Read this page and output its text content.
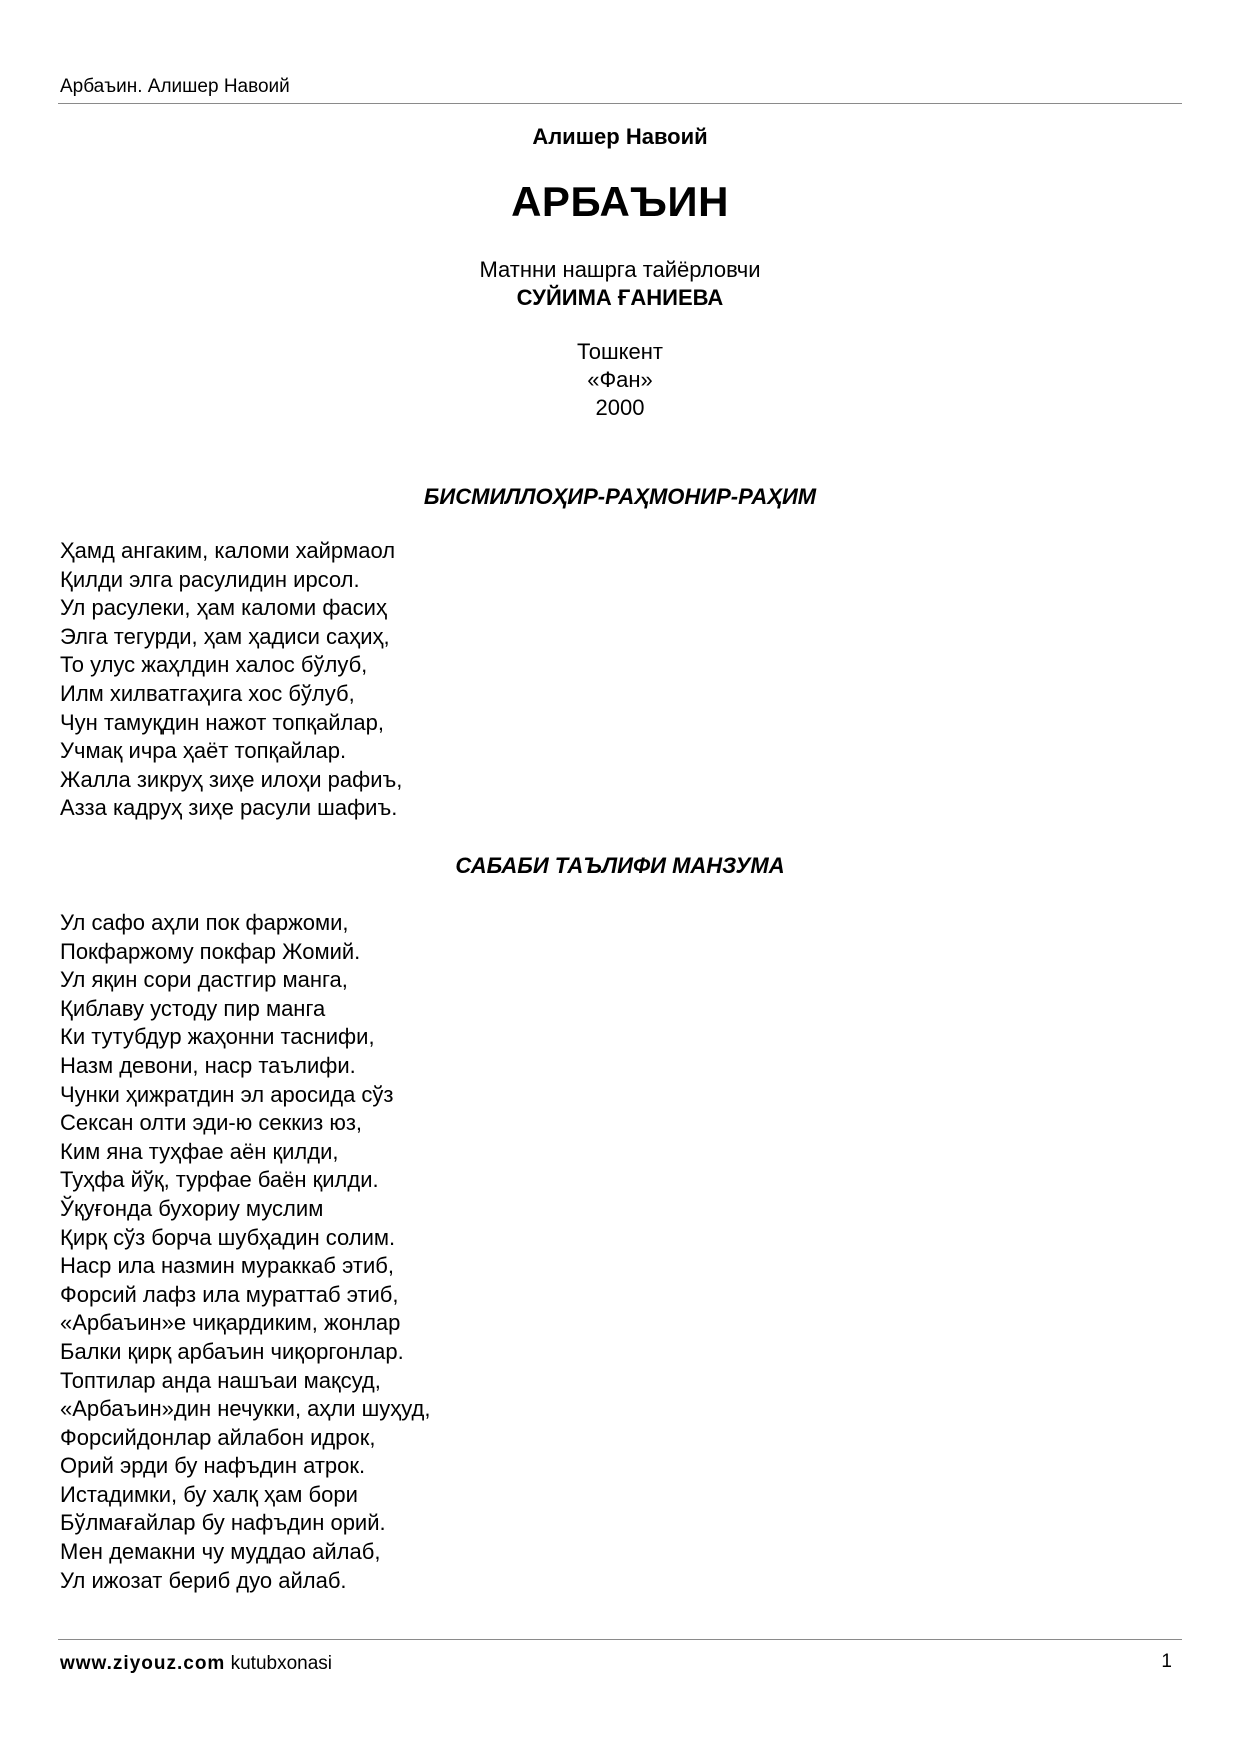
Арбаъин. Алишер Навоий
Алишер Навоий
АРБАЪИН
Матнни нашрга тайёрловчи
СУЙИМА ҒАНИЕВА
Тошкент
«Фан»
2000
БИСМИЛЛОҲИР-РАҲМОНИР-РАҲИМ
Ҳамд ангаким, каломи хайрмаол
Қилди элга расулидин ирсол.
Ул расулеки, ҳам каломи фасиҳ
Элга тегурди, ҳам ҳадиси саҳиҳ,
То улус жаҳлдин халос бўлуб,
Илм хилватгаҳига хос бўлуб,
Чун тамуқдин нажот топқайлар,
Учмақ ичра ҳаёт топқайлар.
Жалла зикруҳ зиҳе илоҳи рафиъ,
Азза кадруҳ зиҳе расули шафиъ.
САБАБИ ТАЪЛИФИ МАНЗУМА
Ул сафо аҳли пок фаржоми,
Покфаржому покфар Жомий.
Ул яқин сори дастгир манга,
Қиблаву устоду пир манга
Ки тутубдур жаҳонни таснифи,
Назм девони, наср таълифи.
Чунки ҳижратдин эл аросида сўз
Сексан олти эди-ю секкиз юз,
Ким яна туҳфае аён қилди,
Туҳфа йўқ, турфае баён қилди.
Ўқуғонда бухориу муслим
Қирқ сўз борча шубҳадин солим.
Наср ила назмин мураккаб этиб,
Форсий лафз ила мураттаб этиб,
«Арбаъин»е чиқардиким, жонлар
Балки қирқ арбаъин чиқоргонлар.
Топтилар анда нашъаи мақсуд,
«Арбаъин»дин нечукки, аҳли шуҳуд,
Форсийдонлар айлабон идрок,
Орий эрди бу нафъдин атрок.
Истадимки, бу халқ ҳам бори
Бўлмағайлар бу нафъдин орий.
Мен демакни чу муддао айлаб,
Ул ижозат бериб дуо айлаб.
www.ziyouz.com kutubxonasi	1
